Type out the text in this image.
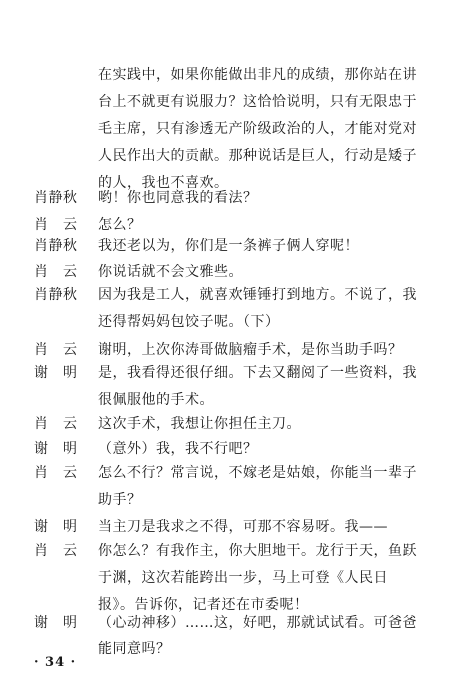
在实践中，如果你能做出非凡的成绩，那你站在讲台上不就更有说服力？这恰恰说明，只有无限忠于毛主席，只有渗透无产阶级政治的人，才能对党对人民作出大的贡献。那种说话是巨人，行动是矮子的人，我也不喜欢。
肖静秋	哟！你也同意我的看法？
肖　云	怎么？
肖静秋	我还老以为，你们是一条裤子俩人穿呢！
肖　云	你说话就不会文雅些。
肖静秋	因为我是工人，就喜欢锤锤打到地方。不说了，我还得帮妈妈包饺子呢。（下）
肖　云	谢明，上次你涛哥做脑瘤手术，是你当助手吗？
谢　明	是，我看得还很仔细。下去又翻阅了一些资料，我很佩服他的手术。
肖　云	这次手术，我想让你担任主刀。
谢　明	（意外）我，我不行吧？
肖　云	怎么不行？常言说，不嫁老是姑娘，你能当一辈子助手？
谢　明	当主刀是我求之不得，可那不容易呀。我——
肖　云	你怎么？有我作主，你大胆地干。龙行于天，鱼跃于渊，这次若能跨出一步，马上可登《人民日报》。告诉你，记者还在市委呢！
谢　明	（心动神移）……这，好吧，那就试试看。可爸爸能同意吗？
· 34 ·
